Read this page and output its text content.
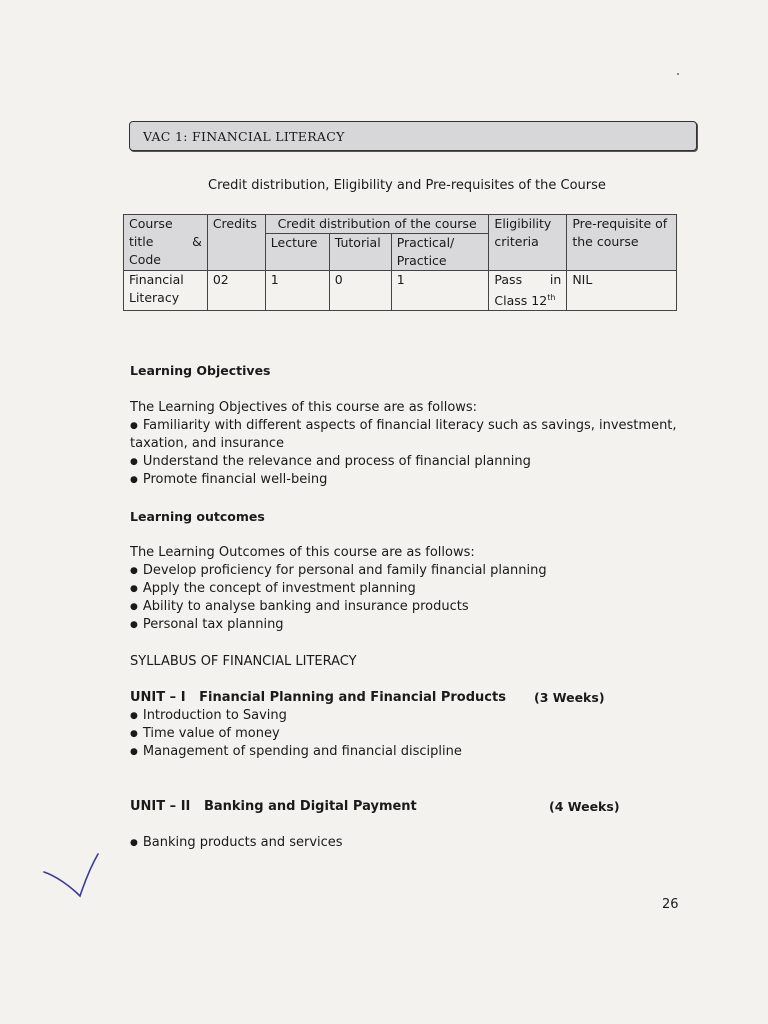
VAC 1: FINANCIAL LITERACY
Credit distribution, Eligibility and Pre-requisites of the Course
Course
title &
Code	Credits	Credit distribution of the course			Eligibility criteria	Pre-requisite of the course
		Lecture	Tutorial	Practical/
Practice		

Financial Literacy	02	1	0	1	Pass in
Class 12th	NIL
Learning Objectives
The Learning Objectives of this course are as follows:
● Familiarity with different aspects of financial literacy such as savings, investment,
taxation, and insurance
● Understand the relevance and process of financial planning
● Promote financial well-being
Learning outcomes
The Learning Outcomes of this course are as follows:
● Develop proficiency for personal and family financial planning
● Apply the concept of investment planning
● Ability to analyse banking and insurance products
● Personal tax planning
SYLLABUS OF FINANCIAL LITERACY
UNIT – I Financial Planning and Financial Products (3 Weeks)
● Introduction to Saving
● Time value of money
● Management of spending and financial discipline
UNIT – II Banking and Digital Payment	(4 Weeks)
● Banking products and services
26
